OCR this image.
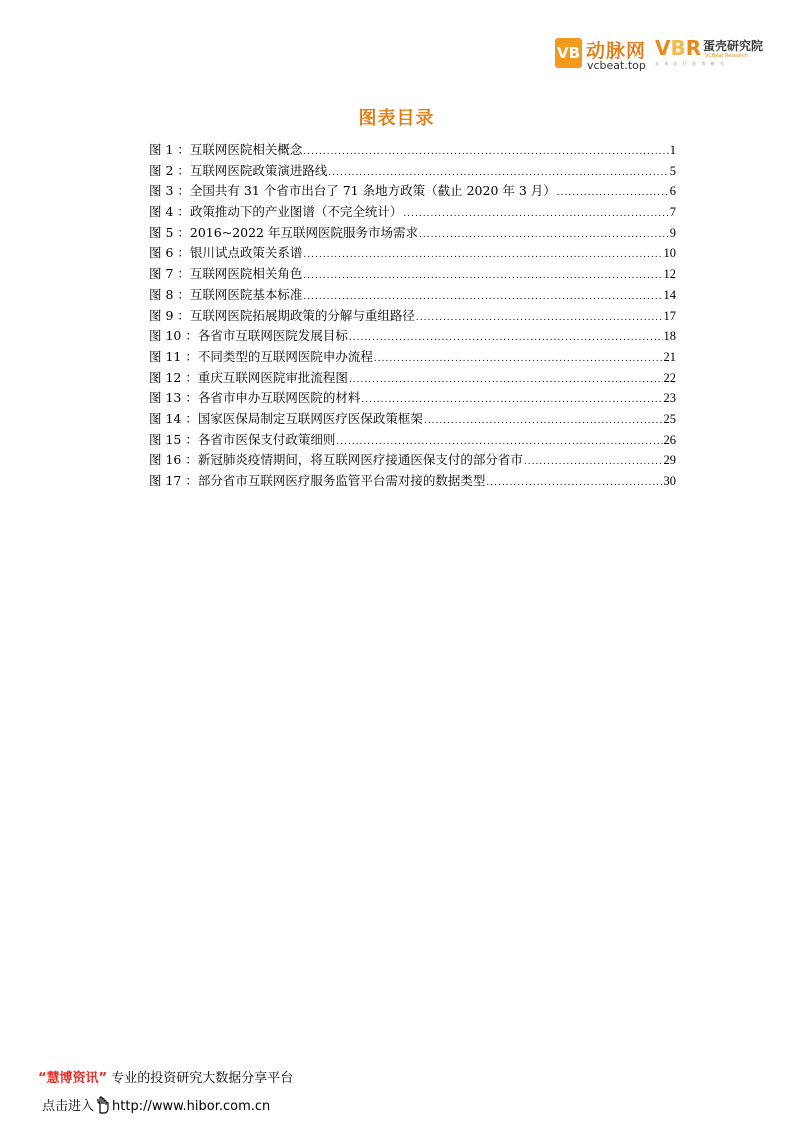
VB 动脉网
vcbeat.top
VBR 蛋壳研究院
VCBeat Research
未 来 医 疗 趋 势 研 究
图表目录
图 1 ： 互联网医院相关概念 .....	1
图 2 ： 互联网医院政策演进路线 .....	5
图 3 ： 全国共有 31 个省市出台了 71 条地方政策（截止 2020 年 3 月） .....	6
图 4 ： 政策推动下的产业图谱（不完全统计） .....	7
图 5 ： 2016~2022 年互联网医院服务市场需求 .....	9
图 6 ： 银川试点政策关系谱 .....	10
图 7 ： 互联网医院相关角色 .....	12
图 8 ： 互联网医院基本标准 .....	14
图 9 ： 互联网医院拓展期政策的分解与重组路径 .....	17
图 10 ： 各省市互联网医院发展目标 .....	18
图 11 ： 不同类型的互联网医院申办流程 .....	21
图 12 ： 重庆互联网医院审批流程图 .....	22
图 13 ： 各省市申办互联网医院的材料 .....	23
图 14 ： 国家医保局制定互联网医疗医保政策框架 .....	25
图 15 ： 各省市医保支付政策细则 .....	26
图 16 ： 新冠肺炎疫情期间，将互联网医疗接通医保支付的部分省市 .....	29
图 17 ： 部分省市互联网医疗服务监管平台需对接的数据类型 .....	30
“慧博资讯” 专业的投资研究大数据分享平台
点击进入 http://www.hibor.com.cn
